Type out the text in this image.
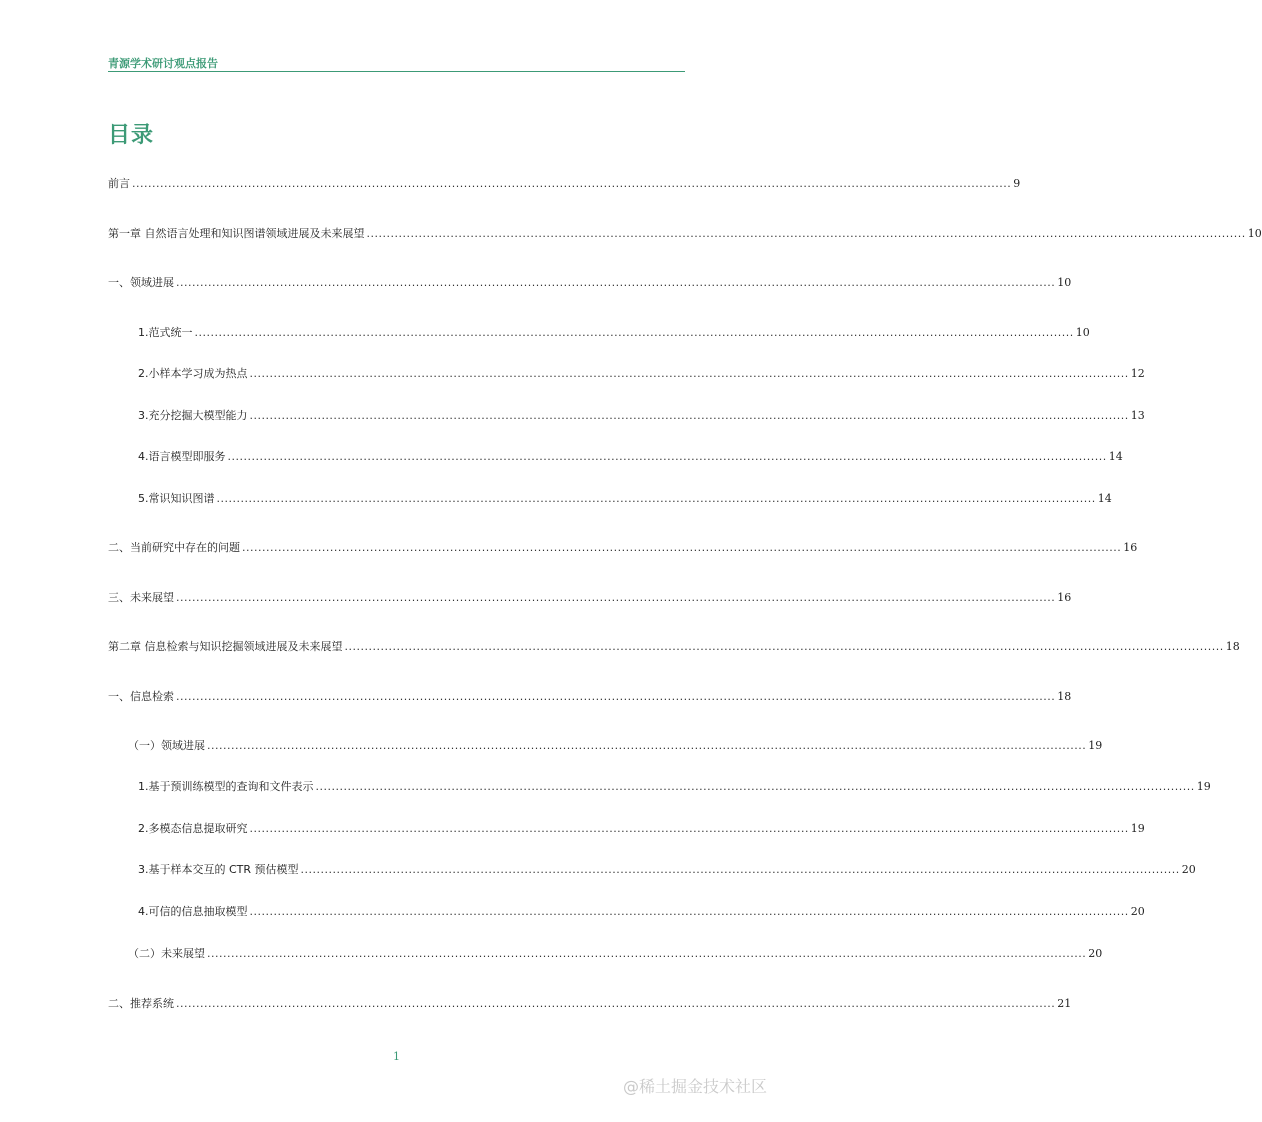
青源学术研讨观点报告
目录
前言 ............................................................................................................................................................................................................................ 9
第一章 自然语言处理和知识图谱领域进展及未来展望 ............................................................................................................................................................................................................................ 10
一、领域进展 ............................................................................................................................................................................................................................ 10
1.范式统一 ............................................................................................................................................................................................................................ 10
2.小样本学习成为热点 ............................................................................................................................................................................................................................ 12
3.充分挖掘大模型能力 ............................................................................................................................................................................................................................ 13
4.语言模型即服务 ............................................................................................................................................................................................................................ 14
5.常识知识图谱 ............................................................................................................................................................................................................................ 14
二、当前研究中存在的问题 ............................................................................................................................................................................................................................ 16
三、未来展望 ............................................................................................................................................................................................................................ 16
第二章 信息检索与知识挖掘领域进展及未来展望 ............................................................................................................................................................................................................................ 18
一、信息检索 ............................................................................................................................................................................................................................ 18
（一）领域进展 ............................................................................................................................................................................................................................ 19
1.基于预训练模型的查询和文件表示 ............................................................................................................................................................................................................................ 19
2.多模态信息提取研究 ............................................................................................................................................................................................................................ 19
3.基于样本交互的 CTR 预估模型 ............................................................................................................................................................................................................................ 20
4.可信的信息抽取模型 ............................................................................................................................................................................................................................ 20
（二）未来展望 ............................................................................................................................................................................................................................ 20
二、推荐系统 ............................................................................................................................................................................................................................ 21
1
@稀土掘金技术社区
